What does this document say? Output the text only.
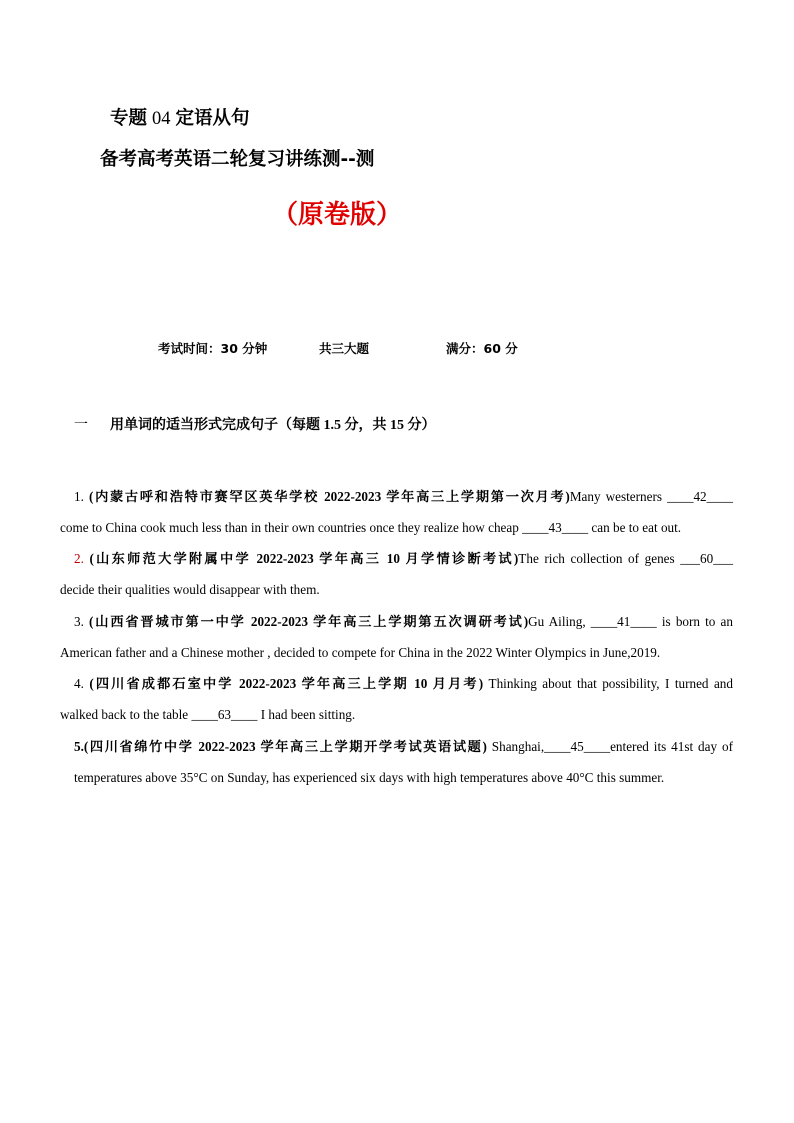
专题 04 定语从句
备考高考英语二轮复习讲练测--测
（原卷版）
考试时间：30 分钟	共三大题	满分：60 分
一 用单词的适当形式完成句子（每题 1.5 分，共 15 分）
1. (内蒙古呼和浩特市赛罕区英华学校 2022-2023 学年高三上学期第一次月考)Many westerners ____42____
come to China cook much less than in their own countries once they realize how cheap ____43____ can be to eat out.
2. (山东师范大学附属中学 2022-2023 学年高三 10 月学情诊断考试)The rich collection of genes ___60___
decide their qualities would disappear with them.
3. (山西省晋城市第一中学 2022-2023 学年高三上学期第五次调研考试)Gu Ailing, ____41____ is born to an
American father and a Chinese mother , decided to compete for China in the 2022 Winter Olympics in June,2019.
4. (四川省成都石室中学 2022-2023 学年高三上学期 10 月月考) Thinking about that possibility, I turned and
walked back to the table ____63____ I had been sitting.
5.(四川省绵竹中学 2022-2023 学年高三上学期开学考试英语试题) Shanghai,____45____entered its 41st day of
temperatures above 35°C on Sunday, has experienced six days with high temperatures above 40°C this summer.
